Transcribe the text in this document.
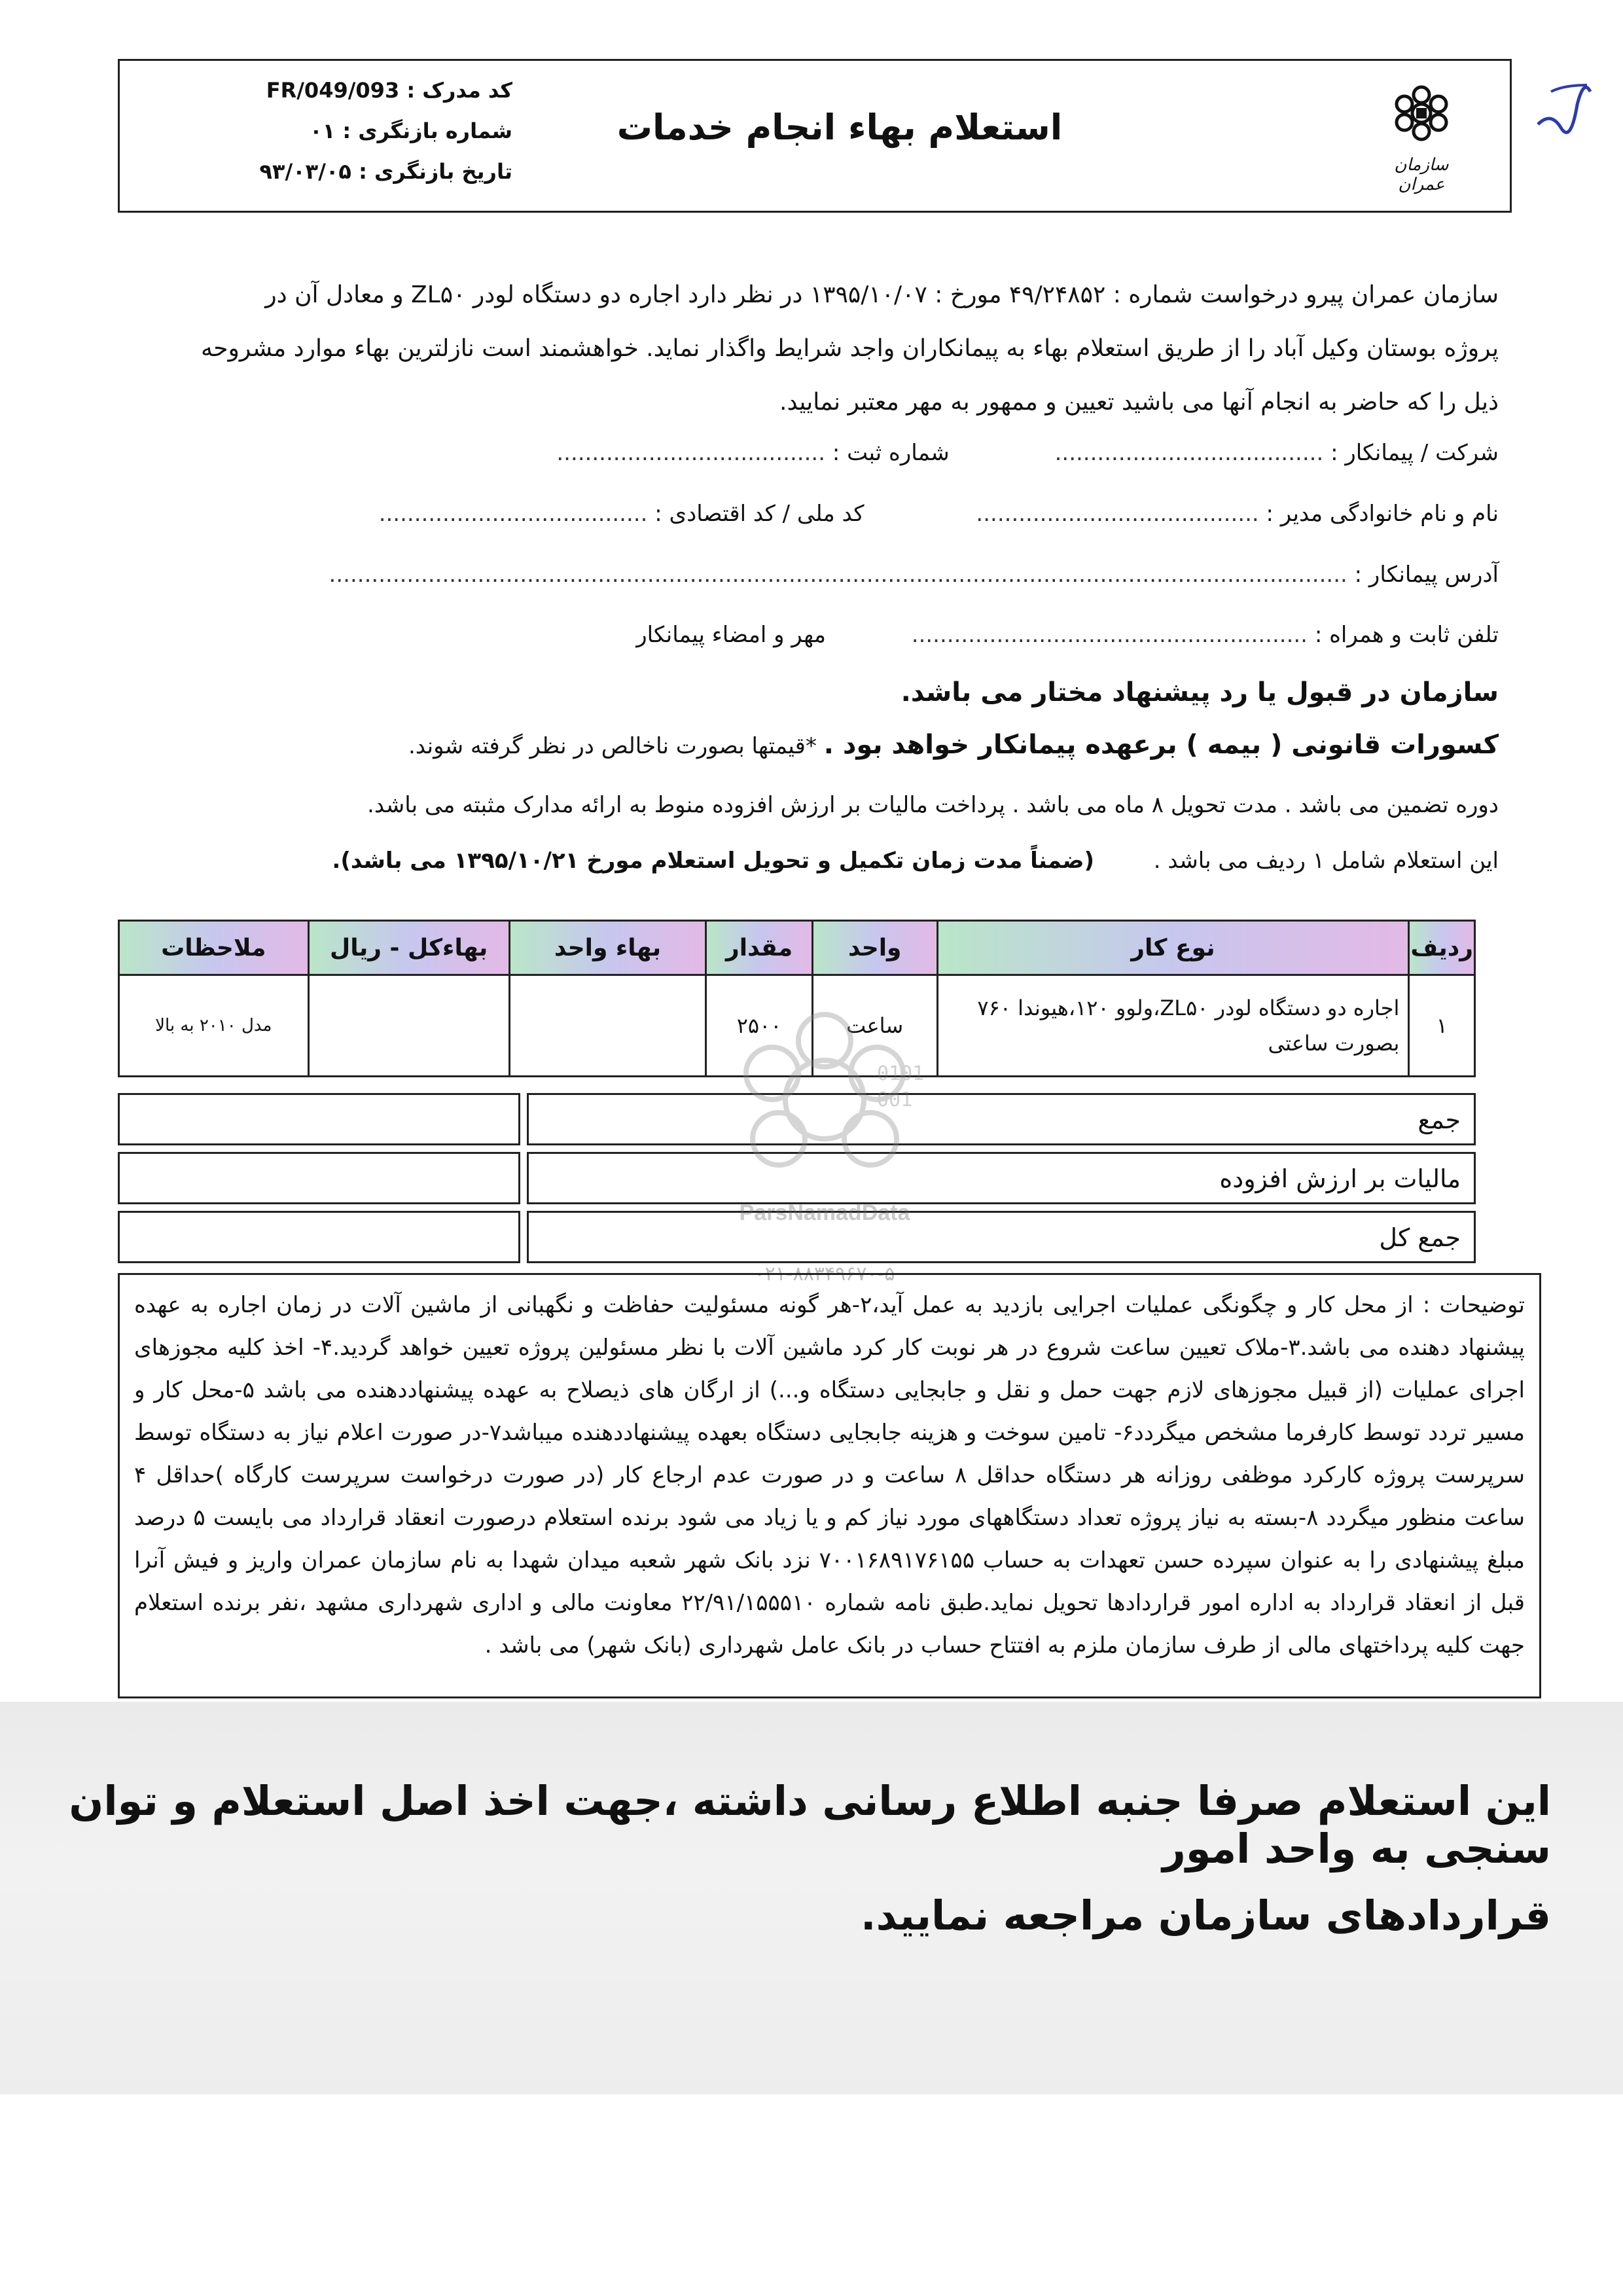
کد مدرک : FR/049/093
شماره بازنگری : ۰۱
تاریخ بازنگری : ۹۳/۰۳/۰۵
استعلام بهاء انجام خدمات
سازمان عمران
سازمان عمران پیرو درخواست شماره : ۴۹/۲۴۸۵۲ مورخ : ۱۳۹۵/۱۰/۰۷ در نظر دارد اجاره دو دستگاه لودر ZL۵۰ و معادل آن در
پروژه بوستان وکیل آباد را از طریق استعلام بهاء به پیمانکاران واجد شرایط واگذار نماید. خواهشمند است نازلترین بهاء موارد مشروحه
ذیل را که حاضر به انجام آنها می باشید تعیین و ممهور به مهر معتبر نمایید.
شرکت / پیمانکار : ...................................... شماره ثبت : ......................................
نام و نام خانوادگی مدیر : ........................................ کد ملی / کد اقتصادی : ......................................
آدرس پیمانکار : ................................................................................................................................................
تلفن ثابت و همراه : ........................................................ مهر و امضاء پیمانکار
سازمان در قبول یا رد پیشنهاد مختار می باشد.
کسورات قانونی ( بیمه ) برعهده پیمانکار خواهد بود . *قیمتها بصورت ناخالص در نظر گرفته شوند.
دوره تضمین می باشد . مدت تحویل ۸ ماه می باشد . پرداخت مالیات بر ارزش افزوده منوط به ارائه مدارک مثبته می باشد.
این استعلام شامل ۱ ردیف می باشد . (ضمناً مدت زمان تکمیل و تحویل استعلام مورخ ۱۳۹۵/۱۰/۲۱ می باشد).
ردیف	نوع کار	واحد	مقدار	بهاء واحد	بهاءکل - ریال	ملاحظات
۱	اجاره دو دستگاه لودر ZL۵۰،ولوو ۱۲۰،هیوندا ۷۶۰ بصورت ساعتی	ساعت	۲۵۰۰			مدل ۲۰۱۰ به بالا
جمع
مالیات بر ارزش افزوده
جمع کل
0101
001
ParsNamadData
۰۲۱-۸۸۳۴۹۶۷۰-۵
توضیحات : از محل کار و چگونگی عملیات اجرایی بازدید به عمل آید،۲-هر گونه مسئولیت حفاظت و نگهبانی از ماشین آلات در زمان اجاره به عهده پیشنهاد دهنده می باشد.۳-ملاک تعیین ساعت شروع در هر نوبت کار کرد ماشین آلات با نظر مسئولین پروژه تعیین خواهد گردید.۴- اخذ کلیه مجوزهای اجرای عملیات (از قبیل مجوزهای لازم جهت حمل و نقل و جابجایی دستگاه و...) از ارگان های ذیصلاح به عهده پیشنهاددهنده می باشد ۵-محل کار و مسیر تردد توسط کارفرما مشخص میگردد۶- تامین سوخت و هزینه جابجایی دستگاه بعهده پیشنهاددهنده میباشد۷-در صورت اعلام نیاز به دستگاه توسط سرپرست پروژه کارکرد موظفی روزانه هر دستگاه حداقل ۸ ساعت و در صورت عدم ارجاع کار (در صورت درخواست سرپرست کارگاه )حداقل ۴ ساعت منظور میگردد ۸-بسته به نیاز پروژه تعداد دستگاههای مورد نیاز کم و یا زیاد می شود برنده استعلام درصورت انعقاد قرارداد می بایست ۵ درصد مبلغ پیشنهادی را به عنوان سپرده حسن تعهدات به حساب ۷۰۰۱۶۸۹۱۷۶۱۵۵ نزد بانک شهر شعبه میدان شهدا به نام سازمان عمران واریز و فیش آنرا قبل از انعقاد قرارداد به اداره امور قراردادها تحویل نماید.طبق نامه شماره ۲۲/۹۱/۱۵۵۵۱۰ معاونت مالی و اداری شهرداری مشهد ،نفر برنده استعلام جهت کلیه پرداختهای مالی از طرف سازمان ملزم به افتتاح حساب در بانک عامل شهرداری (بانک شهر) می باشد .
این استعلام صرفا جنبه اطلاع رسانی داشته ،جهت اخذ اصل استعلام و توان سنجی به واحد امور
قراردادهای سازمان مراجعه نمایید.
